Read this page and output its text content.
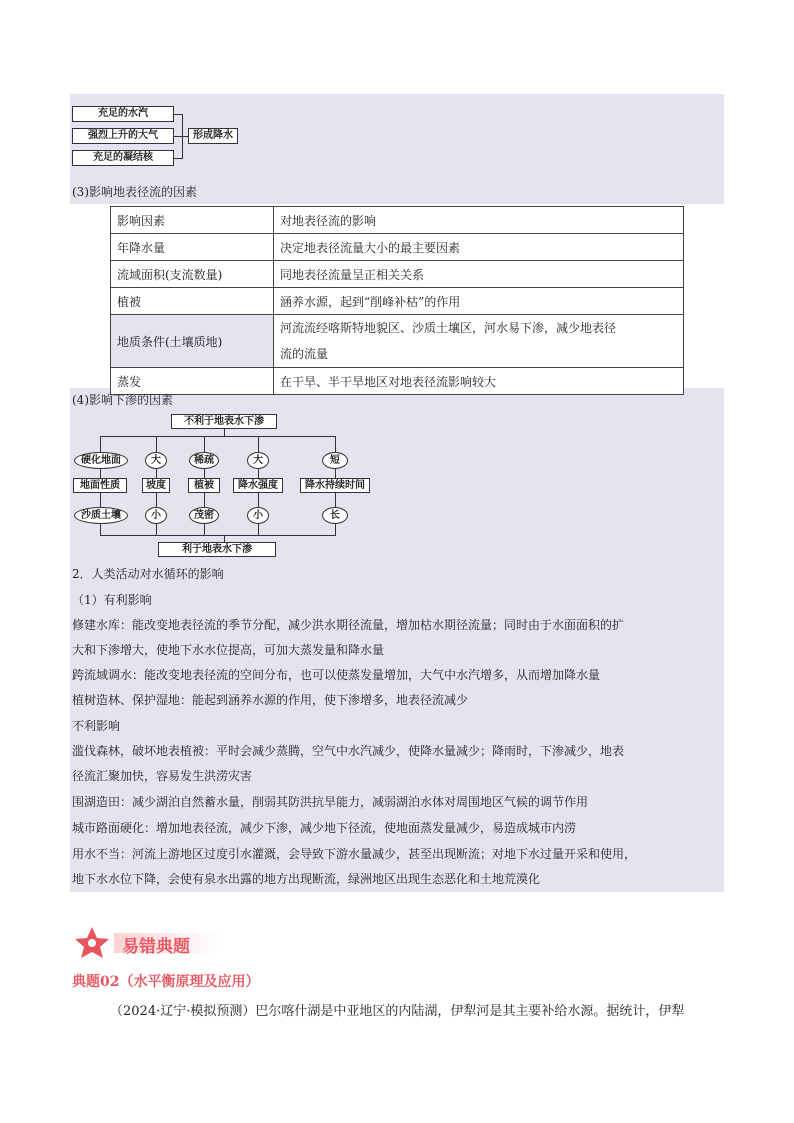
充足的水汽
强烈上升的大气
充足的凝结核
形成降水
(3)影响地表径流的因素
影响因素	对地表径流的影响
年降水量	决定地表径流量大小的最主要因素
流域面积(支流数量)	同地表径流量呈正相关关系
植被	涵养水源，起到“削峰补枯”的作用
地质条件(土壤质地)	河流流经喀斯特地貌区、沙质土壤区，河水易下渗，减少地表径
流的流量
蒸发	在干旱、半干旱地区对地表径流影响较大
(4)影响下渗的因素
不利于地表水下渗
硬化地面	大	稀疏	大	短
地面性质	坡度	植被	降水强度	降水持续时间
沙质土壤	小	茂密	小	长
利于地表水下渗
2．人类活动对水循环的影响
（1）有利影响
修建水库：能改变地表径流的季节分配，减少洪水期径流量，增加枯水期径流量；同时由于水面面积的扩
大和下渗增大，使地下水水位提高，可加大蒸发量和降水量
跨流域调水：能改变地表径流的空间分布，也可以使蒸发量增加，大气中水汽增多，从而增加降水量
植树造林、保护湿地：能起到涵养水源的作用，使下渗增多，地表径流减少
不利影响
滥伐森林，破坏地表植被：平时会减少蒸腾，空气中水汽减少，使降水量减少；降雨时，下渗减少，地表
径流汇聚加快，容易发生洪涝灾害
围湖造田：减少湖泊自然蓄水量，削弱其防洪抗旱能力，减弱湖泊水体对周围地区气候的调节作用
城市路面硬化：增加地表径流，减少下渗，减少地下径流，使地面蒸发量减少，易造成城市内涝
用水不当：河流上游地区过度引水灌溉，会导致下游水量减少，甚至出现断流；对地下水过量开采和使用，
地下水水位下降，会使有泉水出露的地方出现断流，绿洲地区出现生态恶化和土地荒漠化
易错典题
典题02（水平衡原理及应用）
（2024·辽宁·模拟预测）巴尔喀什湖是中亚地区的内陆湖，伊犁河是其主要补给水源。据统计，伊犁
